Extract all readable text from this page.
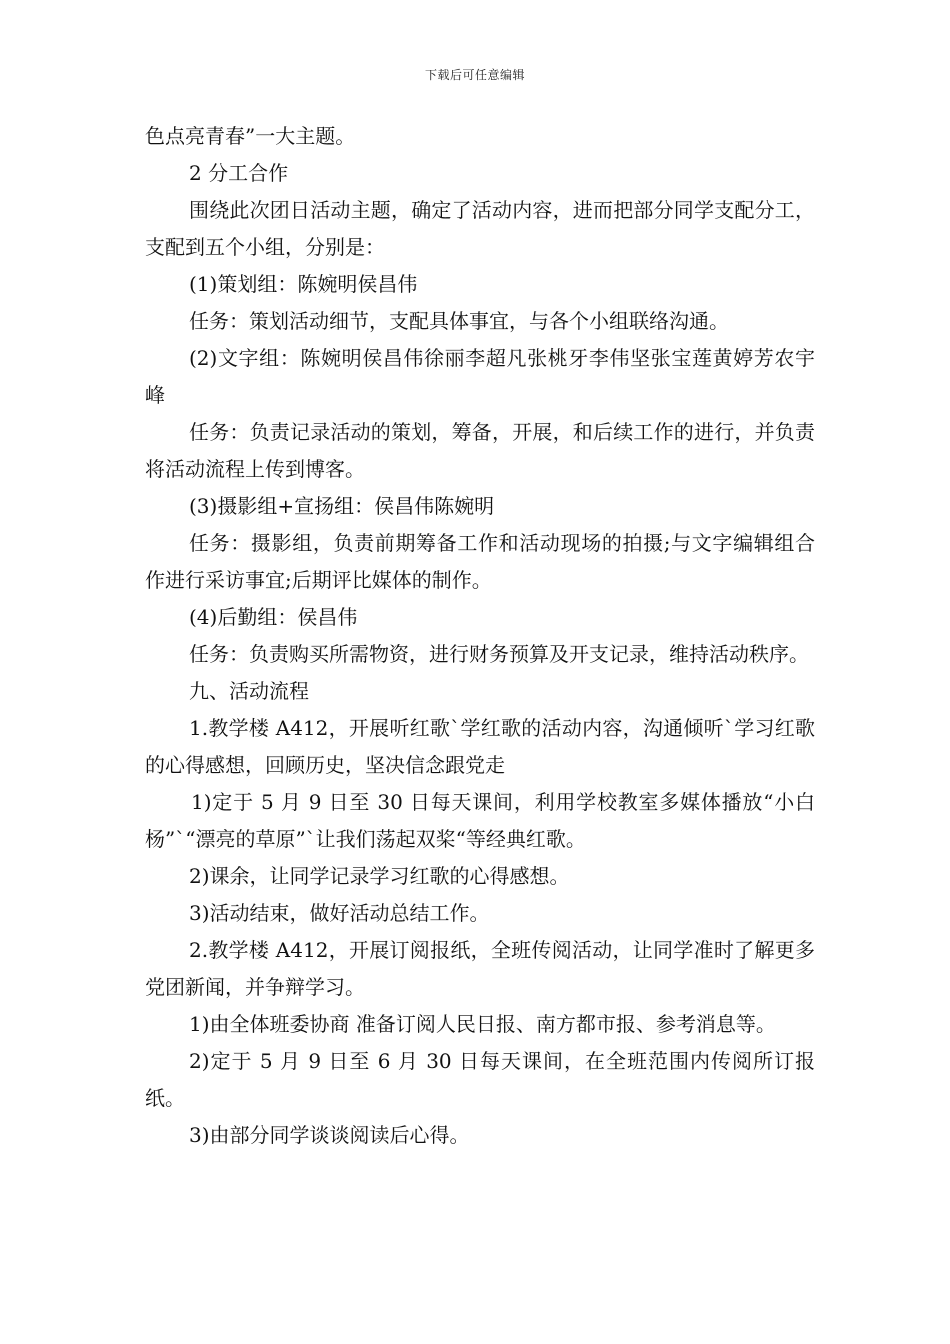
下载后可任意编辑

色点亮青春”一大主题。

2 分工合作

围绕此次团日活动主题，确定了活动内容，进而把部分同学支配分工，支配到五个小组，分别是：

(1)策划组：陈婉明侯昌伟

任务：策划活动细节，支配具体事宜，与各个小组联络沟通。

(2)文字组：陈婉明侯昌伟徐丽李超凡张桃牙李伟坚张宝莲黄婷芳农宇峰

任务：负责记录活动的策划，筹备，开展，和后续工作的进行，并负责将活动流程上传到博客。

(3)摄影组+宣扬组：侯昌伟陈婉明

任务：摄影组，负责前期筹备工作和活动现场的拍摄;与文字编辑组合作进行采访事宜;后期评比媒体的制作。

(4)后勤组：侯昌伟

任务：负责购买所需物资，进行财务预算及开支记录，维持活动秩序。

九、活动流程

1.教学楼 A412，开展听红歌`学红歌的活动内容，沟通倾听`学习红歌的心得感想，回顾历史，坚决信念跟党走

1)定于 5 月 9 日至 30 日每天课间，利用学校教室多媒体播放“小白杨”`“漂亮的草原”`让我们荡起双桨“等经典红歌。

2)课余，让同学记录学习红歌的心得感想。

3)活动结束，做好活动总结工作。

2.教学楼 A412，开展订阅报纸，全班传阅活动，让同学准时了解更多党团新闻，并争辩学习。

1)由全体班委协商 准备订阅人民日报、南方都市报、参考消息等。

2)定于 5 月 9 日至 6 月 30 日每天课间，在全班范围内传阅所订报纸。

3)由部分同学谈谈阅读后心得。
